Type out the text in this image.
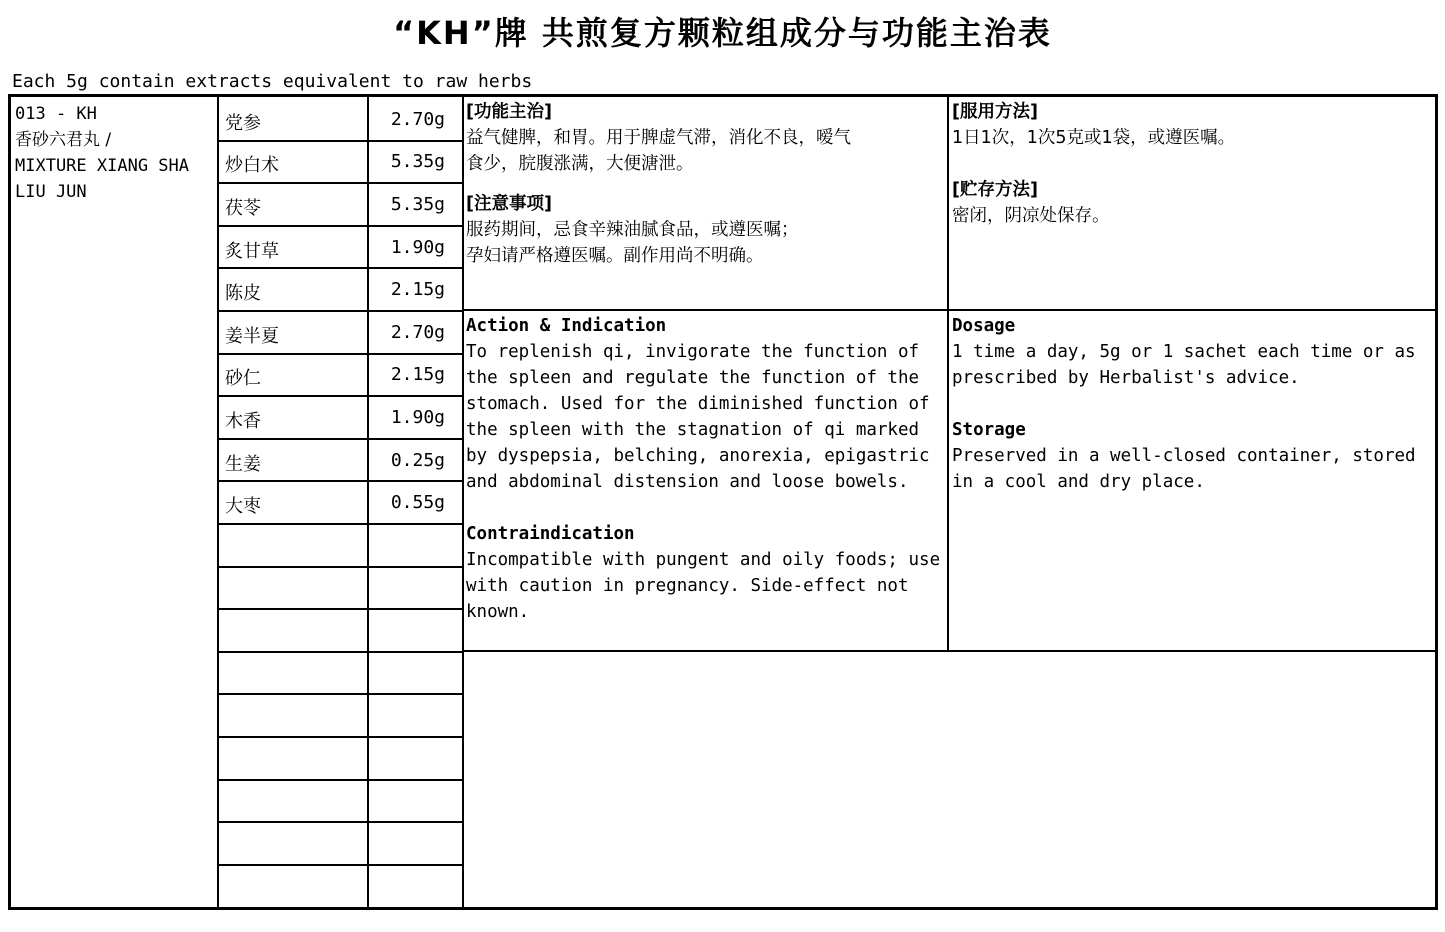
“KH”牌 共煎复方颗粒组成分与功能主治表
Each 5g contain extracts equivalent to raw herbs
013 - KH
香砂六君丸 /
MIXTURE XIANG SHA
LIU JUN
党参	2.70g
炒白术	5.35g
茯苓	5.35g
炙甘草	1.90g
陈皮	2.15g
姜半夏	2.70g
砂仁	2.15g
木香	1.90g
生姜	0.25g
大枣	0.55g
[功能主治]
益气健脾，和胃。用于脾虚气滞，消化不良，嗳气
食少，脘腹涨满，大便溏泄。
[注意事项]
服药期间，忌食辛辣油腻食品，或遵医嘱；
孕妇请严格遵医嘱。副作用尚不明确。
[服用方法]
1日1次，1次5克或1袋，或遵医嘱。
[贮存方法]
密闭，阴凉处保存。
Action & Indication
To replenish qi, invigorate the function of
the spleen and regulate the function of the
stomach. Used for the diminished function of
the spleen with the stagnation of qi marked
by dyspepsia, belching, anorexia, epigastric
and abdominal distension and loose bowels.
Contraindication
Incompatible with pungent and oily foods; use
with caution in pregnancy. Side-effect not
known.
Dosage
1 time a day, 5g or 1 sachet each time or as
prescribed by Herbalist's advice.
Storage
Preserved in a well-closed container, stored
in a cool and dry place.
